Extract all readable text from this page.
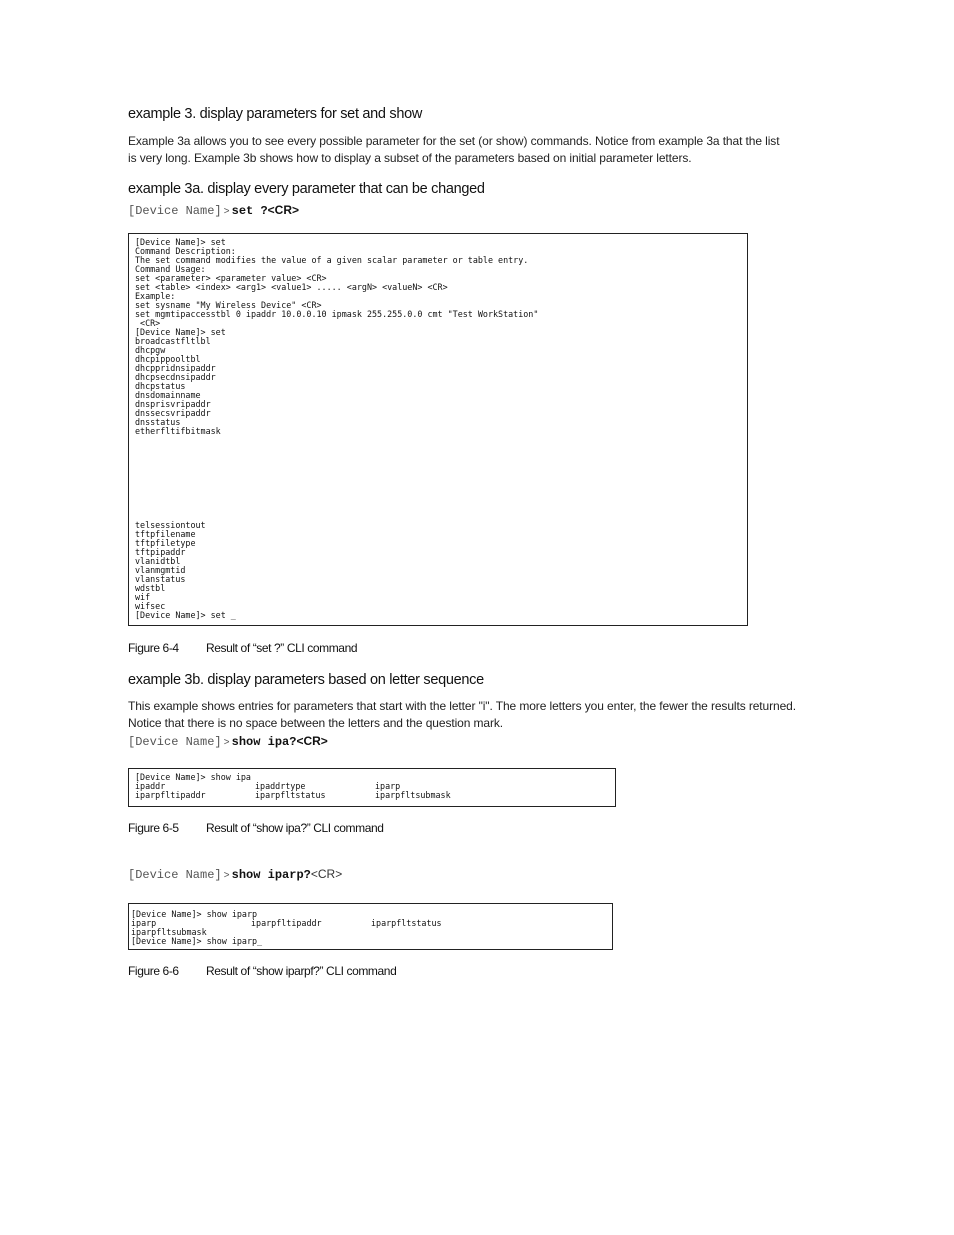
example 3. display parameters for set and show

Example 3a allows you to see every possible parameter for the set (or show) commands. Notice from example 3a that the list

is very long. Example 3b shows how to display a subset of the parameters based on initial parameter letters.

example 3a. display every parameter that can be changed
[Device Name] > set ?<CR>
[Device Name]> set
Command Description:
The set command modifies the value of a given scalar parameter or table entry.
Command Usage:
set <parameter> <parameter value> <CR>
set <table> <index> <arg1> <value1> ..... <argN> <valueN> <CR>
Example:
set sysname "My Wireless Device" <CR>
set mgmtipaccesstbl 0 ipaddr 10.0.0.10 ipmask 255.255.0.0 cmt "Test WorkStation"
<CR>
[Device Name]> set
broadcastfltlbl
dhcpgw
dhcpippooltbl
dhcppridnsipaddr
dhcpsecdnsipaddr
dhcpstatus
dnsdomainname
dnsprisvripaddr
dnssecsvripaddr
dnsstatus
etherfltifbitmask
telsessiontout
tftpfilename
tftpfiletype
tftpipaddr
vlanidtbl
vlanmgmtid
vlanstatus
wdstbl
wif
wifsec
[Device Name]> set _
Figure 6-4 Result of “set ?” CLI command
example 3b. display parameters based on letter sequence

This example shows entries for parameters that start with the letter "i". The more letters you enter, the fewer the results returned.

Notice that there is no space between the letters and the question mark.

[Device Name] > show ipa?<CR>
[Device Name]> show ipa
ipaddr	ipaddrtype	iparp
iparpfltipaddr	iparpfltstatus	iparpfltsubmask
Figure 6-5 Result of “show ipa?” CLI command
[Device Name] > show iparp?<CR>
[Device Name]> show iparp
iparp	iparpfltipaddr	iparpfltstatus
iparpfltsubmask
[Device Name]> show iparp_
Figure 6-6 Result of “show iparpf?” CLI command
